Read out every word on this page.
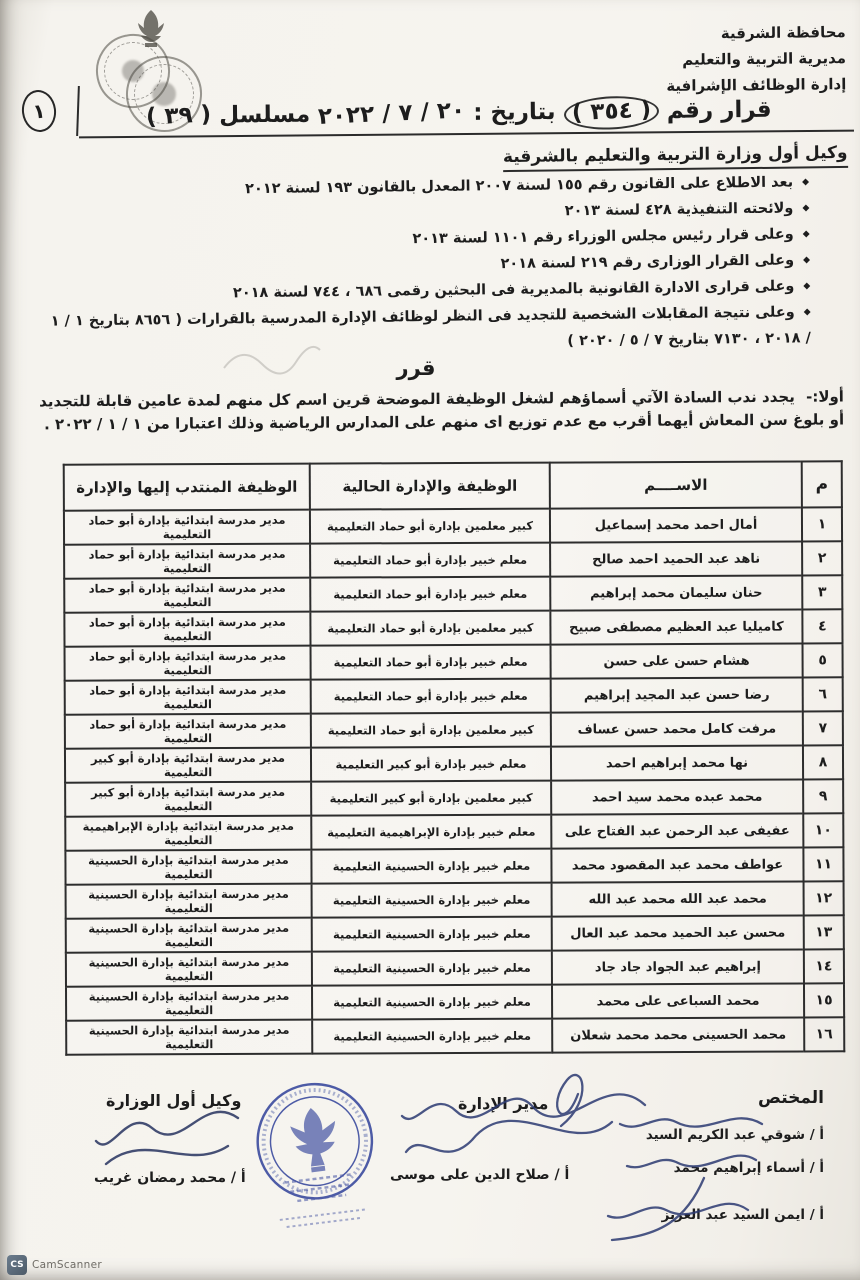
محافظة الشرقية
مديرية التربية والتعليم
إدارة الوظائف الإشرافية
١	قرار رقم ( ٣٥٤ ) بتاريخ : ٢٠ / ٧ / ٢٠٢٢ مسلسل ( ٣٩ )
وكيل أول وزارة التربية والتعليم بالشرقية
◆بعد الاطلاع على القانون رقم ١٥٥ لسنة ٢٠٠٧ المعدل بالقانون ١٩٣ لسنة ٢٠١٢
◆ولائحته التنفيذية ٤٢٨ لسنة ٢٠١٣
◆وعلى قرار رئيس مجلس الوزراء رقم ١١٠١ لسنة ٢٠١٣
◆وعلى القرار الوزارى رقم ٢١٩ لسنة ٢٠١٨
◆وعلى قرارى الادارة القانونية بالمديرية فى البحثين رقمى ٦٨٦ ، ٧٤٤ لسنة ٢٠١٨
◆وعلى نتيجة المقابلات الشخصية للتجديد فى النظر لوظائف الإدارة المدرسية بالقرارات ( ٨٦٥٦ بتاريخ ١ / ١ / ٢٠١٨ ، ٧١٣٠ بتاريخ ٧ / ٥ / ٢٠٢٠ )
قرر
أولا:- يجدد ندب السادة الآتي أسماؤهم لشغل الوظيفة الموضحة قرين اسم كل منهم لمدة عامين قابلة للتجديد أو بلوغ سن المعاش أيهما أقرب مع عدم توزيع اى منهم على المدارس الرياضية وذلك اعتبارا من ١ / ١ / ٢٠٢٢ .
م	الاســــم	الوظيفة والإدارة الحالية	الوظيفة المنتدب إليها والإدارة
١	أمال احمد محمد إسماعيل	كبير معلمين بإدارة أبو حماد التعليمية	مدير مدرسة ابتدائية بإدارة أبو حماد التعليمية
٢	ناهد عبد الحميد احمد صالح	معلم خبير بإدارة أبو حماد التعليمية	مدير مدرسة ابتدائية بإدارة أبو حماد التعليمية
٣	حنان سليمان محمد إبراهيم	معلم خبير بإدارة أبو حماد التعليمية	مدير مدرسة ابتدائية بإدارة أبو حماد التعليمية
٤	كاميليا عبد العظيم مصطفى صبيح	كبير معلمين بإدارة أبو حماد التعليمية	مدير مدرسة ابتدائية بإدارة أبو حماد التعليمية
٥	هشام حسن على حسن	معلم خبير بإدارة أبو حماد التعليمية	مدير مدرسة ابتدائية بإدارة أبو حماد التعليمية
٦	رضا حسن عبد المجيد إبراهيم	معلم خبير بإدارة أبو حماد التعليمية	مدير مدرسة ابتدائية بإدارة أبو حماد التعليمية
٧	مرفت كامل محمد حسن عساف	كبير معلمين بإدارة أبو حماد التعليمية	مدير مدرسة ابتدائية بإدارة أبو حماد التعليمية
٨	نها محمد إبراهيم احمد	معلم خبير بإدارة أبو كبير التعليمية	مدير مدرسة ابتدائية بإدارة أبو كبير التعليمية
٩	محمد عبده محمد سيد احمد	كبير معلمين بإدارة أبو كبير التعليمية	مدير مدرسة ابتدائية بإدارة أبو كبير التعليمية
١٠	عفيفى عبد الرحمن عبد الفتاح على	معلم خبير بإدارة الإبراهيمية التعليمية	مدير مدرسة ابتدائية بإدارة الإبراهيمية التعليمية
١١	عواطف محمد عبد المقصود محمد	معلم خبير بإدارة الحسينية التعليمية	مدير مدرسة ابتدائية بإدارة الحسينية التعليمية
١٢	محمد عبد الله محمد عبد الله	معلم خبير بإدارة الحسينية التعليمية	مدير مدرسة ابتدائية بإدارة الحسينية التعليمية
١٣	محسن عبد الحميد محمد عبد العال	معلم خبير بإدارة الحسينية التعليمية	مدير مدرسة ابتدائية بإدارة الحسينية التعليمية
١٤	إبراهيم عبد الجواد جاد جاد	معلم خبير بإدارة الحسينية التعليمية	مدير مدرسة ابتدائية بإدارة الحسينية التعليمية
١٥	محمد السباعى على محمد	معلم خبير بإدارة الحسينية التعليمية	مدير مدرسة ابتدائية بإدارة الحسينية التعليمية
١٦	محمد الحسينى محمد محمد شعلان	معلم خبير بإدارة الحسينية التعليمية	مدير مدرسة ابتدائية بإدارة الحسينية التعليمية
المختص
أ / شوقي عبد الكريم السيد
أ / أسماء إبراهيم محمد
أ / ايمن السيد عبد العزيز
مدير الإدارة
أ / صلاح الدين على موسى
وكيل أول الوزارة
أ / محمد رمضان غريب
CS CamScanner
